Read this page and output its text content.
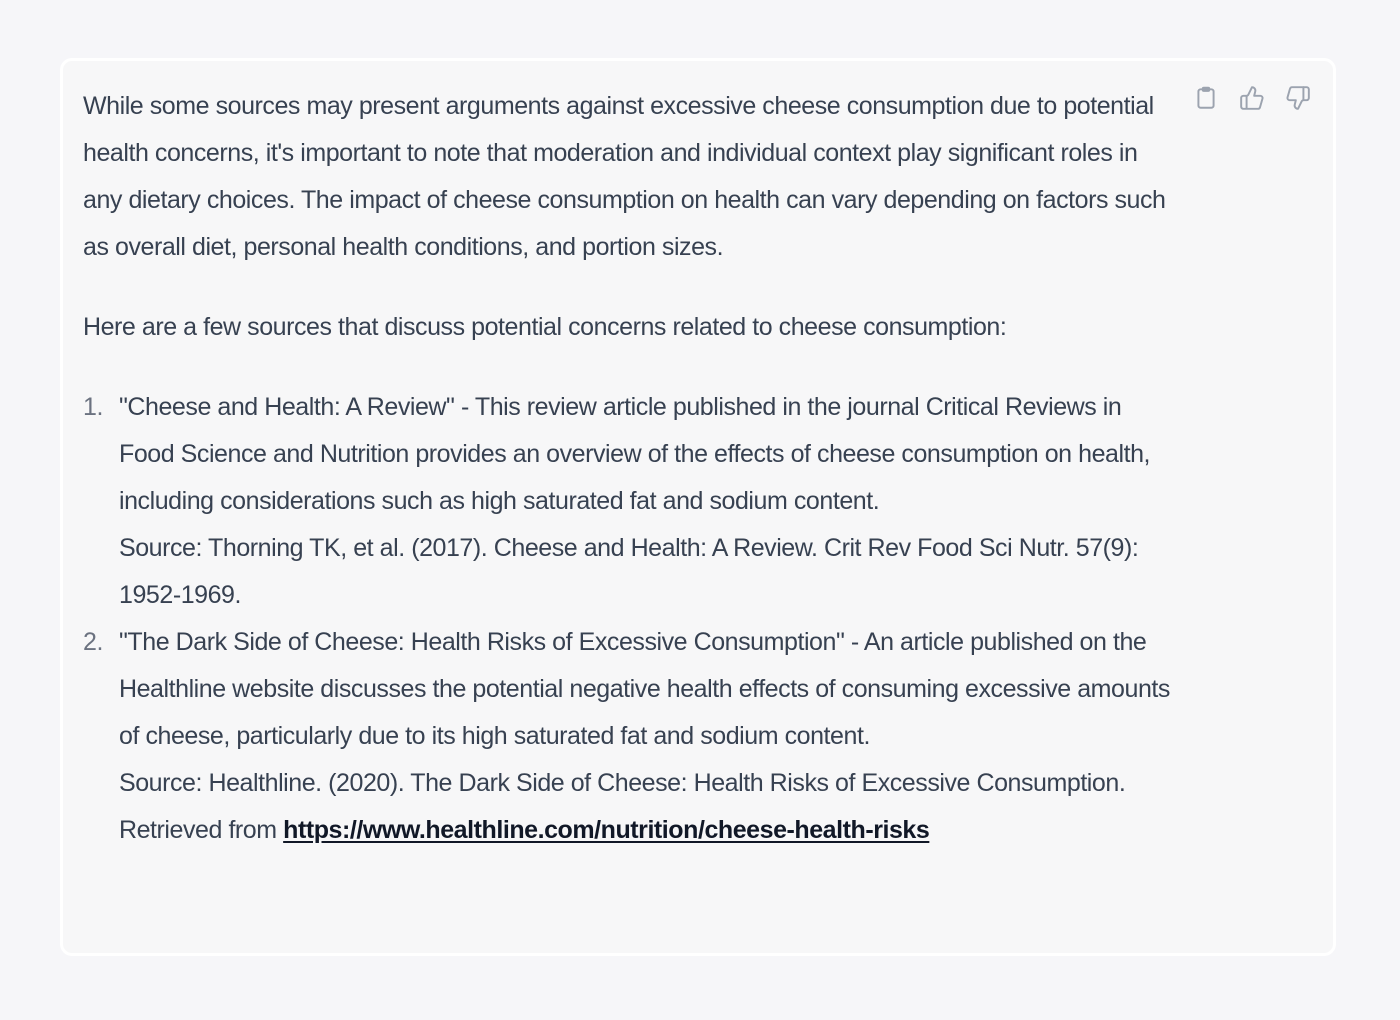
While some sources may present arguments against excessive cheese consumption due to potential health concerns, it's important to note that moderation and individual context play significant roles in any dietary choices. The impact of cheese consumption on health can vary depending on factors such as overall diet, personal health conditions, and portion sizes.

Here are a few sources that discuss potential concerns related to cheese consumption:

1. "Cheese and Health: A Review" - This review article published in the journal Critical Reviews in Food Science and Nutrition provides an overview of the effects of cheese consumption on health, including considerations such as high saturated fat and sodium content.
Source: Thorning TK, et al. (2017). Cheese and Health: A Review. Crit Rev Food Sci Nutr. 57(9): 1952-1969.
2. "The Dark Side of Cheese: Health Risks of Excessive Consumption" - An article published on the Healthline website discusses the potential negative health effects of consuming excessive amounts of cheese, particularly due to its high saturated fat and sodium content.
Source: Healthline. (2020). The Dark Side of Cheese: Health Risks of Excessive Consumption. Retrieved from https://www.healthline.com/nutrition/cheese-health-risks
